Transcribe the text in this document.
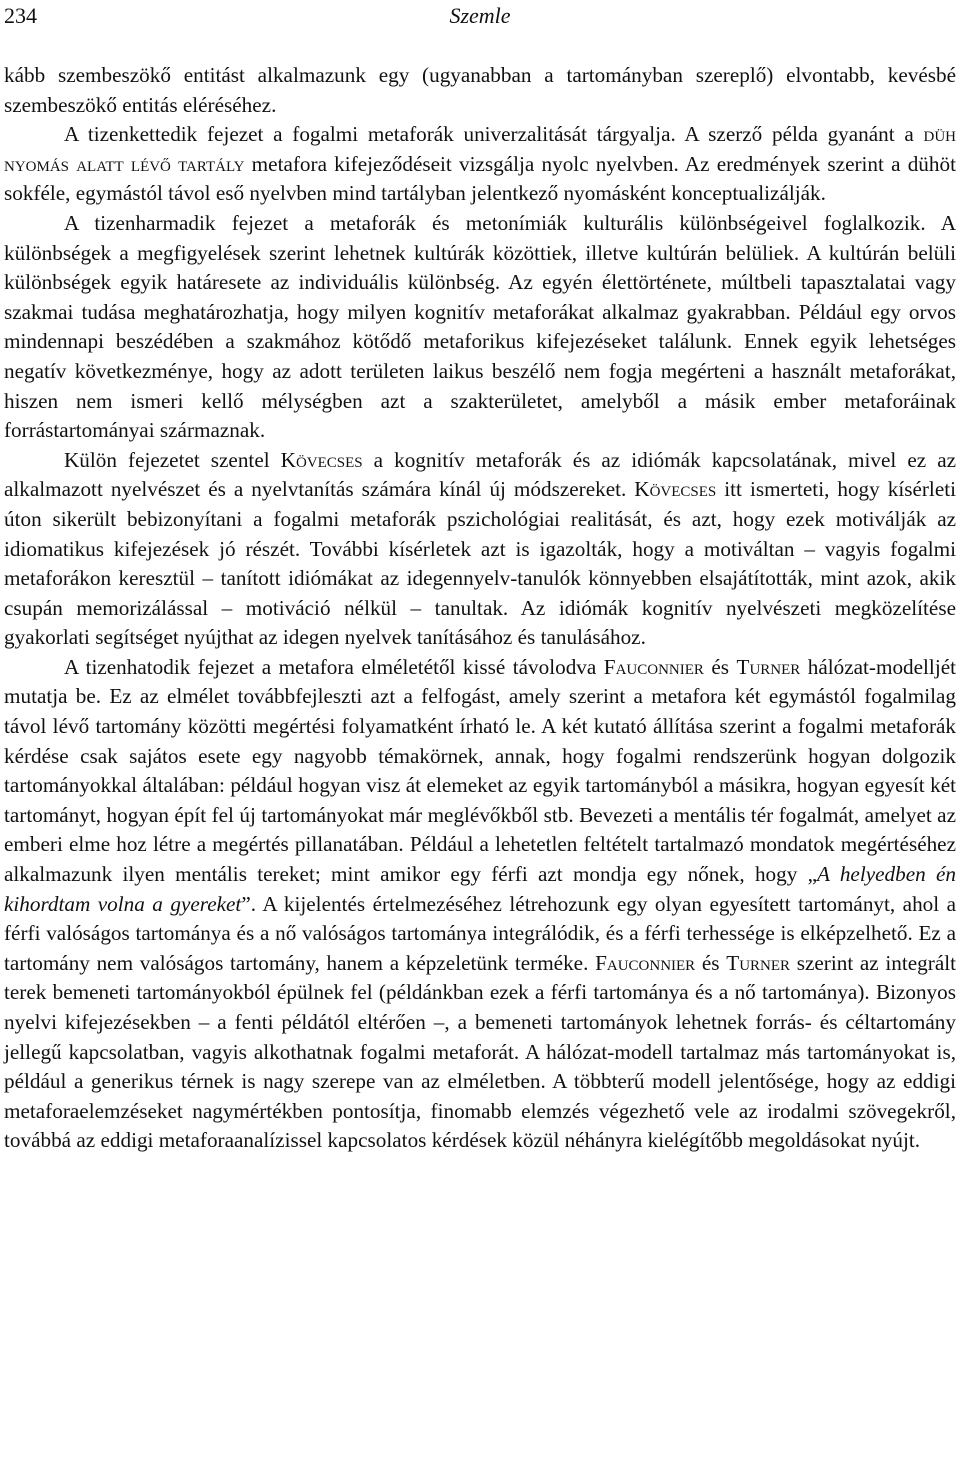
234	Szemle

kább szembeszökő entitást alkalmazunk egy (ugyanabban a tartományban szereplő) elvontabb, kevésbé szembeszökő entitás eléréséhez.

A tizenkettedik fejezet a fogalmi metaforák univerzalitását tárgyalja. A szerző példa gyanánt a düh nyomás alatt lévő tartály metafora kifejeződéseit vizsgálja nyolc nyelvben. Az eredmények szerint a dühöt sokféle, egymástól távol eső nyelvben mind tartályban jelentkező nyomásként konceptualizálják.

A tizenharmadik fejezet a metaforák és metonímiák kulturális különbségeivel foglalkozik. A különbségek a megfigyelések szerint lehetnek kultúrák közöttiek, illetve kultúrán belüliek. A kultúrán belüli különbségek egyik határesete az individuális különbség. Az egyén élettörténete, múltbeli tapasztalatai vagy szakmai tudása meghatározhatja, hogy milyen kognitív metaforákat alkalmaz gyakrabban. Például egy orvos mindennapi beszédében a szakmához kötődő metaforikus kifejezéseket találunk. Ennek egyik lehetséges negatív következménye, hogy az adott területen laikus beszélő nem fogja megérteni a használt metaforákat, hiszen nem ismeri kellő mélységben azt a szakterületet, amelyből a másik ember metaforáinak forrástartományai származnak.

Külön fejezetet szentel Kövecses a kognitív metaforák és az idiómák kapcsolatának, mivel ez az alkalmazott nyelvészet és a nyelvtanítás számára kínál új módszereket. Kövecses itt ismerteti, hogy kísérleti úton sikerült bebizonyítani a fogalmi metaforák pszichológiai realitását, és azt, hogy ezek motiválják az idiomatikus kifejezések jó részét. További kísérletek azt is igazolták, hogy a motiváltan – vagyis fogalmi metaforákon keresztül – tanított idiómákat az idegennyelv-tanulók könnyebben elsajátították, mint azok, akik csupán memorizálással – motiváció nélkül – tanultak. Az idiómák kognitív nyelvészeti megközelítése gyakorlati segítséget nyújthat az idegen nyelvek tanításához és tanulásához.

A tizenhatodik fejezet a metafora elméletétől kissé távolodva Fauconnier és Turner hálózat-modelljét mutatja be. Ez az elmélet továbbfejleszti azt a felfogást, amely szerint a metafora két egymástól fogalmilag távol lévő tartomány közötti megértési folyamatként írható le. A két kutató állítása szerint a fogalmi metaforák kérdése csak sajátos esete egy nagyobb témakörnek, annak, hogy fogalmi rendszerünk hogyan dolgozik tartományokkal általában: például hogyan visz át elemeket az egyik tartományból a másikra, hogyan egyesít két tartományt, hogyan épít fel új tartományokat már meglévőkből stb. Bevezeti a mentális tér fogalmát, amelyet az emberi elme hoz létre a megértés pillanatában. Például a lehetetlen feltételt tartalmazó mondatok megértéséhez alkalmazunk ilyen mentális tereket; mint amikor egy férfi azt mondja egy nőnek, hogy „A helyedben én kihordtam volna a gyereket”. A kijelentés értelmezéséhez létrehozunk egy olyan egyesített tartományt, ahol a férfi valóságos tartománya és a nő valóságos tartománya integrálódik, és a férfi terhessége is elképzelhető. Ez a tartomány nem valóságos tartomány, hanem a képzeletünk terméke. Fauconnier és Turner szerint az integrált terek bemeneti tartományokból épülnek fel (példánkban ezek a férfi tartománya és a nő tartománya). Bizonyos nyelvi kifejezésekben – a fenti példától eltérően –, a bemeneti tartományok lehetnek forrás- és céltartomány jellegű kapcsolatban, vagyis alkothatnak fogalmi metaforát. A hálózat-modell tartalmaz más tartományokat is, például a generikus térnek is nagy szerepe van az elméletben. A többterű modell jelentősége, hogy az eddigi metaforaelemzéseket nagymértékben pontosítja, finomabb elemzés végezhető vele az irodalmi szövegekről, továbbá az eddigi metaforaanalízissel kapcsolatos kérdések közül néhányra kielégítőbb megoldásokat nyújt.
